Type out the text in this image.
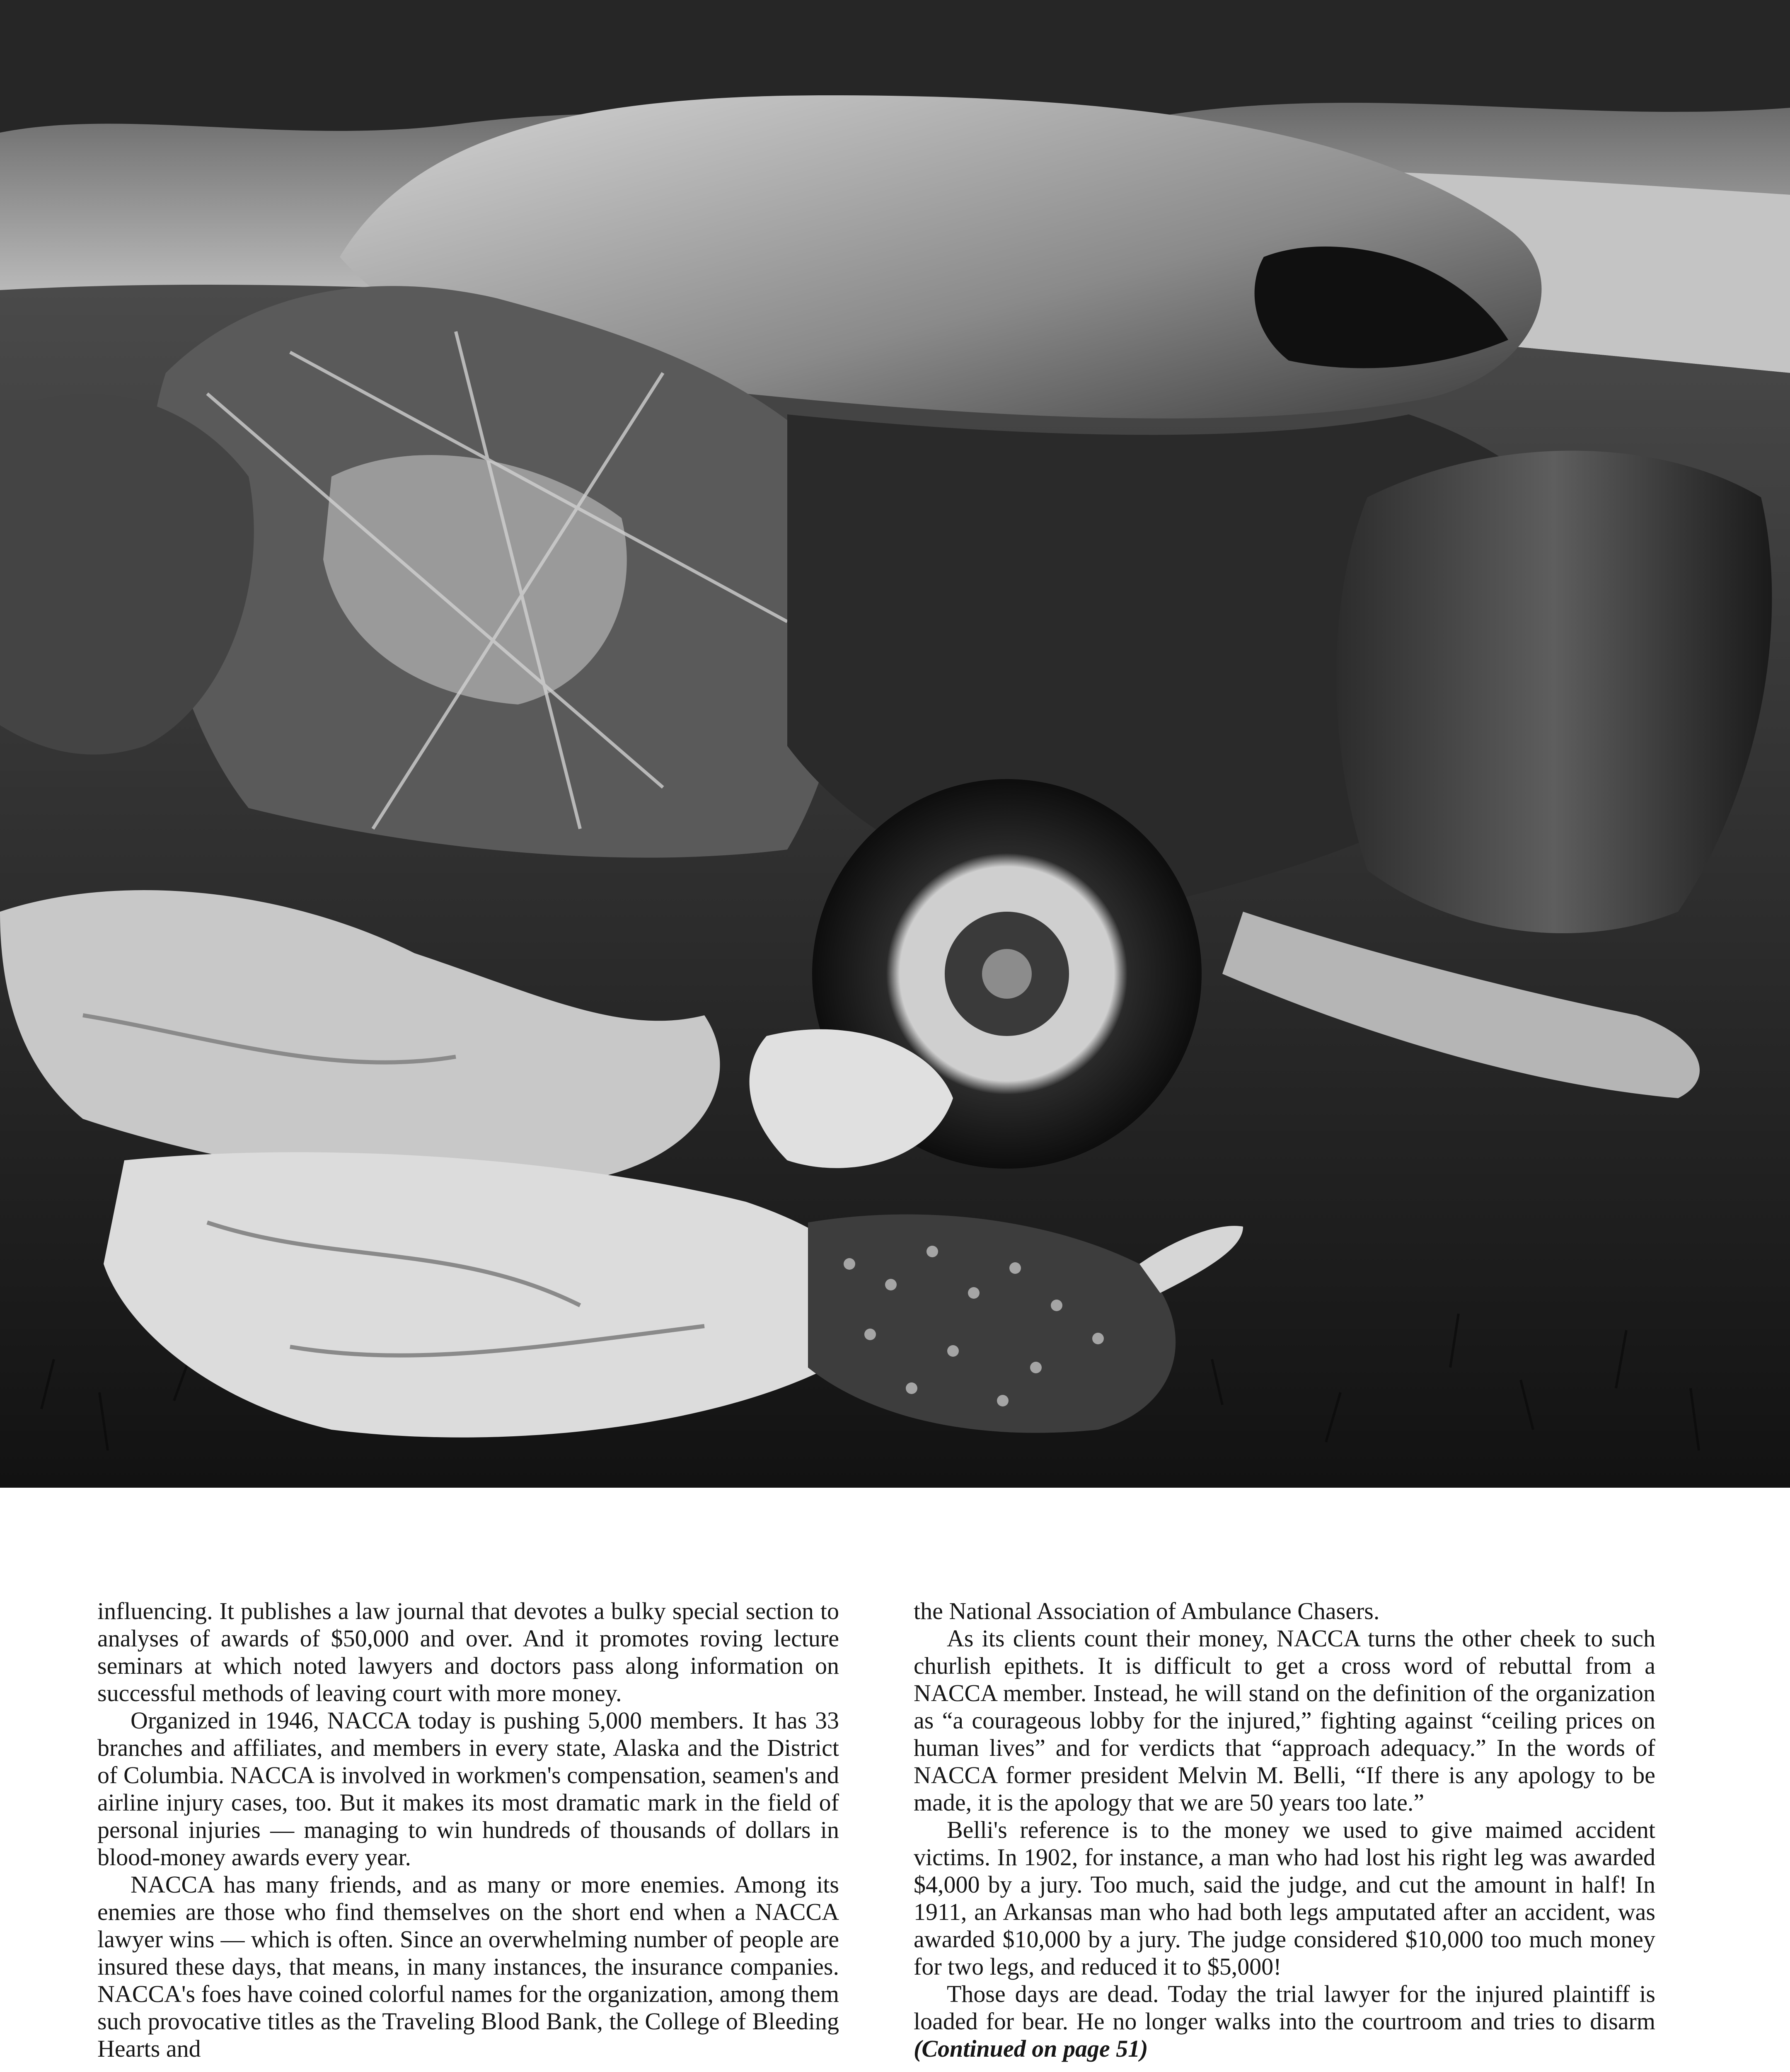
influencing. It publishes a law journal that devotes a bulky special section to analyses of awards of $50,000 and over. And it promotes roving lecture seminars at which noted lawyers and doctors pass along information on successful methods of leaving court with more money.

Organized in 1946, NACCA today is pushing 5,000 members. It has 33 branches and affiliates, and members in every state, Alaska and the District of Columbia. NACCA is involved in workmen's compensation, seamen's and airline injury cases, too. But it makes its most dramatic mark in the field of personal injuries — managing to win hundreds of thousands of dollars in blood-money awards every year.

NACCA has many friends, and as many or more enemies. Among its enemies are those who find themselves on the short end when a NACCA lawyer wins — which is often. Since an overwhelming number of people are insured these days, that means, in many instances, the insurance companies. NACCA's foes have coined colorful names for the organization, among them such provocative titles as the Traveling Blood Bank, the College of Bleeding Hearts and

the National Association of Ambulance Chasers.

As its clients count their money, NACCA turns the other cheek to such churlish epithets. It is difficult to get a cross word of rebuttal from a NACCA member. Instead, he will stand on the definition of the organization as “a courageous lobby for the injured,” fighting against “ceiling prices on human lives” and for verdicts that “approach adequacy.” In the words of NACCA former president Melvin M. Belli, “If there is any apology to be made, it is the apology that we are 50 years too late.”

Belli's reference is to the money we used to give maimed accident victims. In 1902, for instance, a man who had lost his right leg was awarded $4,000 by a jury. Too much, said the judge, and cut the amount in half! In 1911, an Arkansas man who had both legs amputated after an accident, was awarded $10,000 by a jury. The judge considered $10,000 too much money for two legs, and reduced it to $5,000!

Those days are dead. Today the trial lawyer for the injured plaintiff is loaded for bear. He no longer walks into the courtroom and tries to disarm (Continued on page 51)
